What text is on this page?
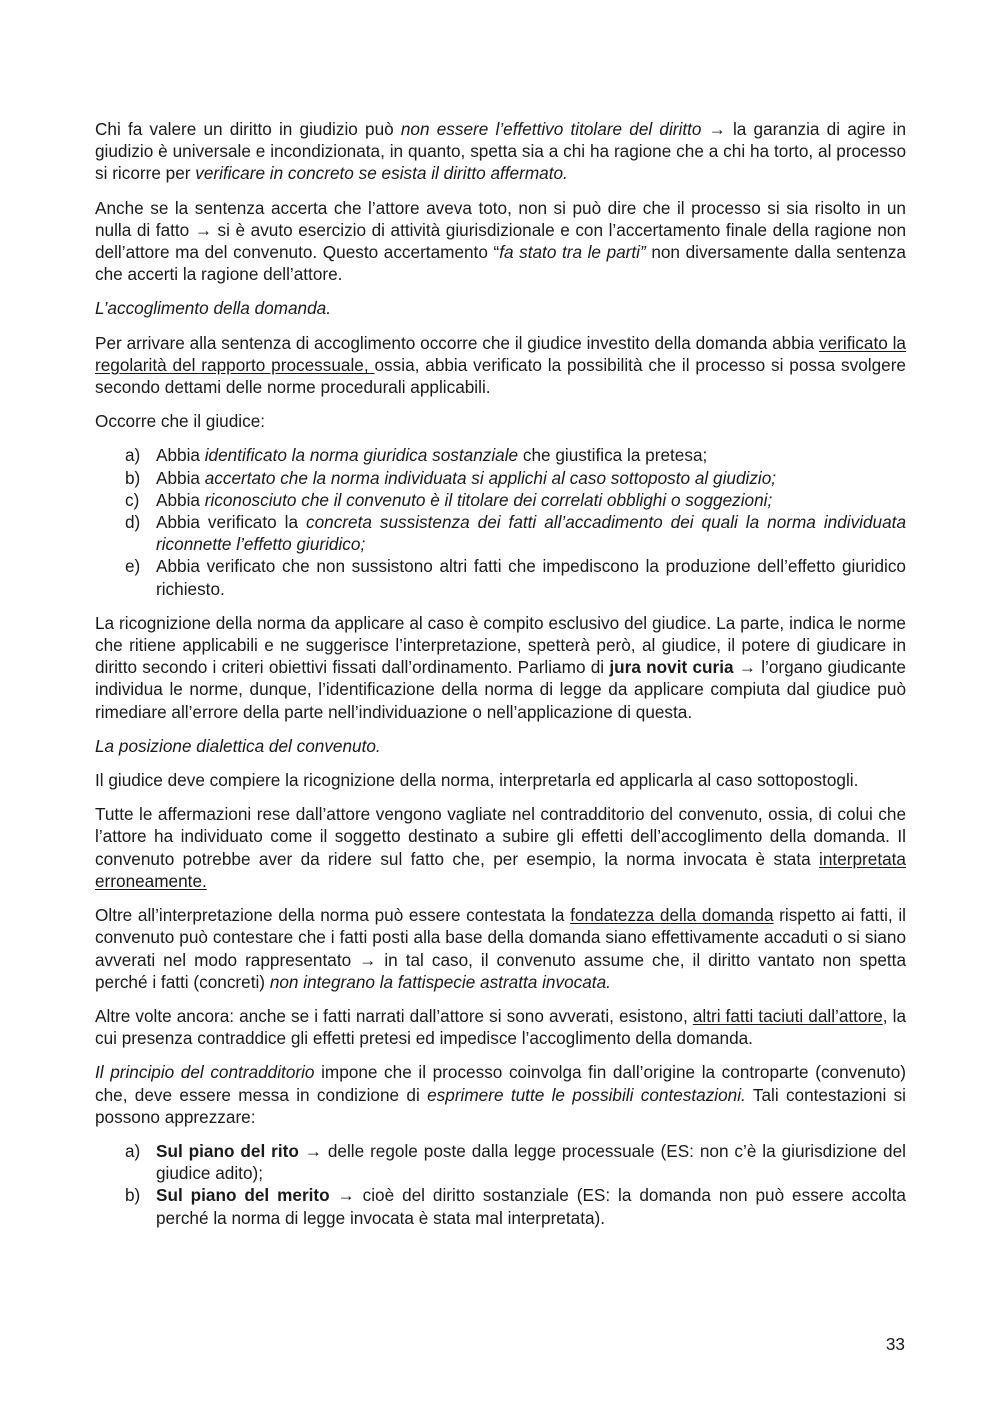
Chi fa valere un diritto in giudizio può non essere l’effettivo titolare del diritto → la garanzia di agire in giudizio è universale e incondizionata, in quanto, spetta sia a chi ha ragione che a chi ha torto, al processo si ricorre per verificare in concreto se esista il diritto affermato.

Anche se la sentenza accerta che l’attore aveva toto, non si può dire che il processo si sia risolto in un nulla di fatto → si è avuto esercizio di attività giurisdizionale e con l’accertamento finale della ragione non dell’attore ma del convenuto. Questo accertamento “fa stato tra le parti” non diversamente dalla sentenza che accerti la ragione dell’attore.

L’accoglimento della domanda.

Per arrivare alla sentenza di accoglimento occorre che il giudice investito della domanda abbia verificato la regolarità del rapporto processuale, ossia, abbia verificato la possibilità che il processo si possa svolgere secondo dettami delle norme procedurali applicabili.

Occorre che il giudice:

a) Abbia identificato la norma giuridica sostanziale che giustifica la pretesa;
b) Abbia accertato che la norma individuata si applichi al caso sottoposto al giudizio;
c) Abbia riconosciuto che il convenuto è il titolare dei correlati obblighi o soggezioni;
d) Abbia verificato la concreta sussistenza dei fatti all’accadimento dei quali la norma individuata riconnette l’effetto giuridico;
e) Abbia verificato che non sussistono altri fatti che impediscono la produzione dell’effetto giuridico richiesto.

La ricognizione della norma da applicare al caso è compito esclusivo del giudice. La parte, indica le norme che ritiene applicabili e ne suggerisce l’interpretazione, spetterà però, al giudice, il potere di giudicare in diritto secondo i criteri obiettivi fissati dall’ordinamento. Parliamo di jura novit curia → l’organo giudicante individua le norme, dunque, l’identificazione della norma di legge da applicare compiuta dal giudice può rimediare all’errore della parte nell’individuazione o nell’applicazione di questa.

La posizione dialettica del convenuto.

Il giudice deve compiere la ricognizione della norma, interpretarla ed applicarla al caso sottopostogli.

Tutte le affermazioni rese dall’attore vengono vagliate nel contradditorio del convenuto, ossia, di colui che l’attore ha individuato come il soggetto destinato a subire gli effetti dell’accoglimento della domanda. Il convenuto potrebbe aver da ridere sul fatto che, per esempio, la norma invocata è stata interpretata erroneamente.

Oltre all’interpretazione della norma può essere contestata la fondatezza della domanda rispetto ai fatti, il convenuto può contestare che i fatti posti alla base della domanda siano effettivamente accaduti o si siano avverati nel modo rappresentato → in tal caso, il convenuto assume che, il diritto vantato non spetta perché i fatti (concreti) non integrano la fattispecie astratta invocata.

Altre volte ancora: anche se i fatti narrati dall’attore si sono avverati, esistono, altri fatti taciuti dall’attore, la cui presenza contraddice gli effetti pretesi ed impedisce l’accoglimento della domanda.

Il principio del contradditorio impone che il processo coinvolga fin dall’origine la controparte (convenuto) che, deve essere messa in condizione di esprimere tutte le possibili contestazioni. Tali contestazioni si possono apprezzare:

a) Sul piano del rito → delle regole poste dalla legge processuale (ES: non c’è la giurisdizione del giudice adito);
b) Sul piano del merito → cioè del diritto sostanziale (ES: la domanda non può essere accolta perché la norma di legge invocata è stata mal interpretata).
33
